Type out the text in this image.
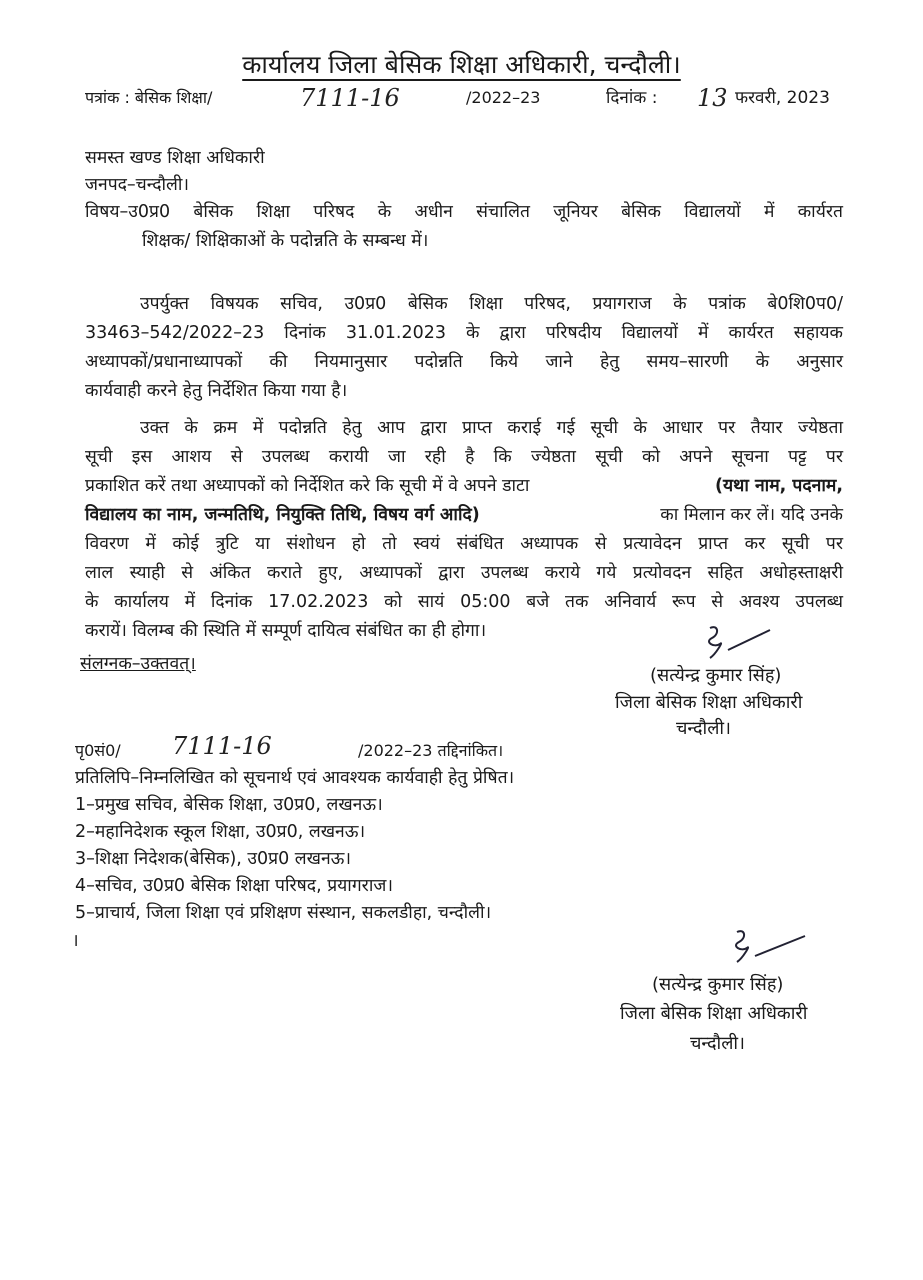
कार्यालय जिला बेसिक शिक्षा अधिकारी, चन्दौली।
पत्रांक : बेसिक शिक्षा/	7111-16	/2022–23	दिनांक : 13 फरवरी, 2023
समस्त खण्ड शिक्षा अधिकारी
जनपद–चन्दौली।
विषय–उ0प्र0 बेसिक शिक्षा परिषद के अधीन संचालित जूनियर बेसिक विद्यालयों में कार्यरत
शिक्षक/ शिक्षिकाओं के पदोन्नति के सम्बन्ध में।
उपर्युक्त विषयक सचिव, उ0प्र0 बेसिक शिक्षा परिषद, प्रयागराज के पत्रांक बे0शि0प0/
33463–542/2022–23 दिनांक 31.01.2023 के द्वारा परिषदीय विद्यालयों में कार्यरत सहायक
अध्यापकों/प्रधानाध्यापकों की नियमानुसार पदोन्नति किये जाने हेतु समय–सारणी के अनुसार
कार्यवाही करने हेतु निर्देशित किया गया है।
उक्त के क्रम में पदोन्नति हेतु आप द्वारा प्राप्त कराई गई सूची के आधार पर तैयार ज्येष्ठता
सूची इस आशय से उपलब्ध करायी जा रही है कि ज्येष्ठता सूची को अपने सूचना पट्ट पर
प्रकाशित करें तथा अध्यापकों को निर्देशित करे कि सूची में वे अपने डाटा	(यथा नाम, पदनाम,
विद्यालय का नाम, जन्मतिथि, नियुक्ति तिथि, विषय वर्ग आदि)	का मिलान कर लें। यदि उनके
विवरण में कोई त्रुटि या संशोधन हो तो स्वयं संबंधित अध्यापक से प्रत्यावेदन प्राप्त कर सूची पर
लाल स्याही से अंकित कराते हुए, अध्यापकों द्वारा उपलब्ध कराये गये प्रत्योवदन सहित अधोहस्ताक्षरी
के कार्यालय में दिनांक 17.02.2023 को सायं 05:00 बजे तक अनिवार्य रूप से अवश्य उपलब्ध
करायें। विलम्ब की स्थिति में सम्पूर्ण दायित्व संबंधित का ही होगा।
संलग्नक–उक्तवत्।
(सत्येन्द्र कुमार सिंह)
जिला बेसिक शिक्षा अधिकारी
चन्दौली।
पृ0सं0/ 7111-16	/2022–23 तद्दिनांकित।
प्रतिलिपि–निम्नलिखित को सूचनार्थ एवं आवश्यक कार्यवाही हेतु प्रेषित।
1–प्रमुख सचिव, बेसिक शिक्षा, उ0प्र0, लखनऊ।
2–महानिदेशक स्कूल शिक्षा, उ0प्र0, लखनऊ।
3–शिक्षा निदेशक(बेसिक), उ0प्र0 लखनऊ।
4–सचिव, उ0प्र0 बेसिक शिक्षा परिषद, प्रयागराज।
5–प्राचार्य, जिला शिक्षा एवं प्रशिक्षण संस्थान, सकलडीहा, चन्दौली।
।
(सत्येन्द्र कुमार सिंह)
जिला बेसिक शिक्षा अधिकारी
चन्दौली।
